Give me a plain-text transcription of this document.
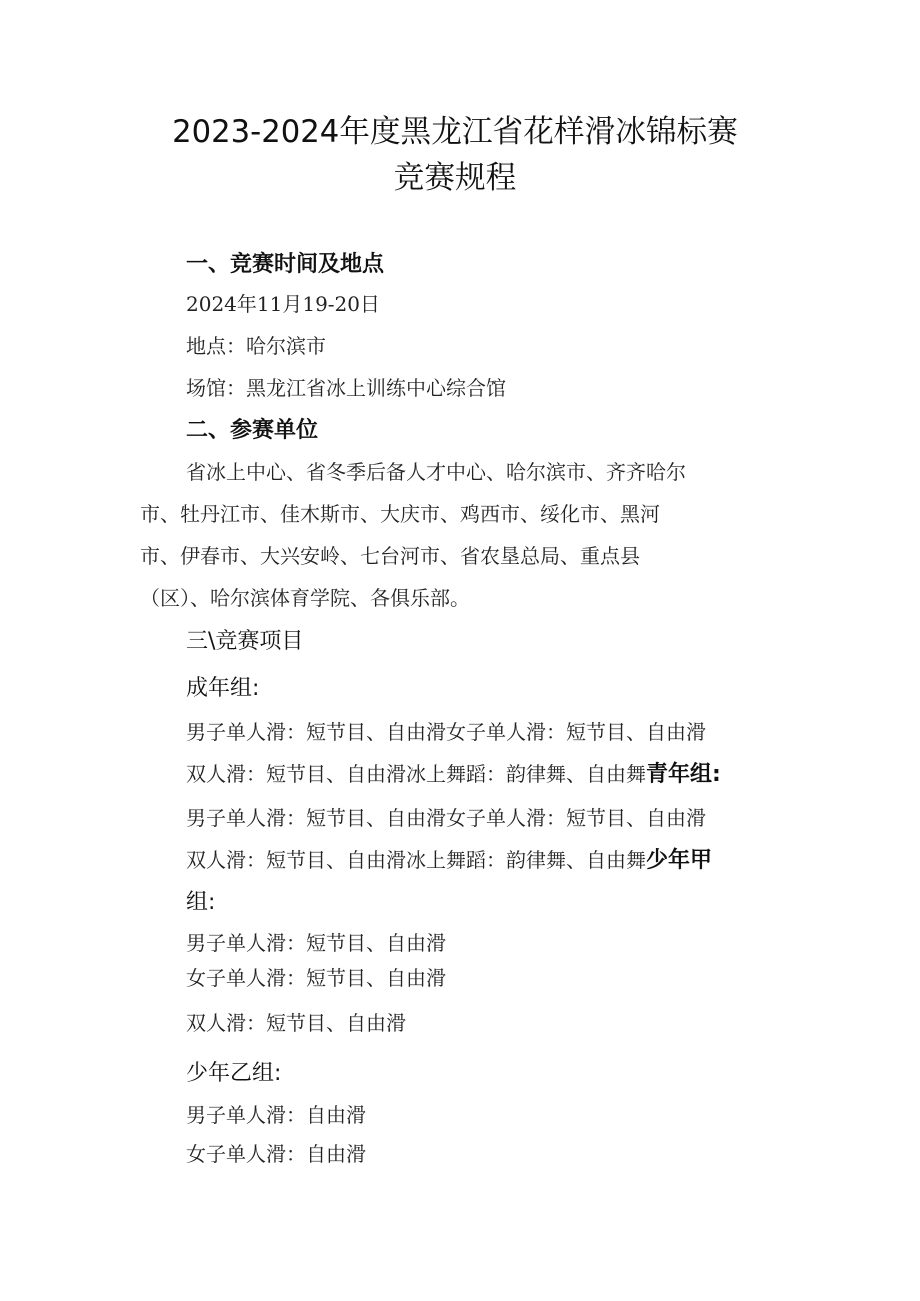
2023-2024年度黑龙江省花样滑冰锦标赛
竞赛规程
一、竞赛时间及地点
2024年11月19-20日
地点：哈尔滨市
场馆：黑龙江省冰上训练中心综合馆
二、参赛单位
省冰上中心、省冬季后备人才中心、哈尔滨市、齐齐哈尔
市、牡丹江市、佳木斯市、大庆市、鸡西市、绥化市、黑河
市、伊春市、大兴安岭、七台河市、省农垦总局、重点县
（区）、哈尔滨体育学院、各俱乐部。
三\竞赛项目
成年组:
男子单人滑：短节目、自由滑女子单人滑：短节目、自由滑
双人滑：短节目、自由滑冰上舞蹈：韵律舞、自由舞青年组:
男子单人滑：短节目、自由滑女子单人滑：短节目、自由滑
双人滑：短节目、自由滑冰上舞蹈：韵律舞、自由舞少年甲
组:
男子单人滑：短节目、自由滑
女子单人滑：短节目、自由滑
双人滑：短节目、自由滑
少年乙组:
男子单人滑：自由滑
女子单人滑：自由滑
